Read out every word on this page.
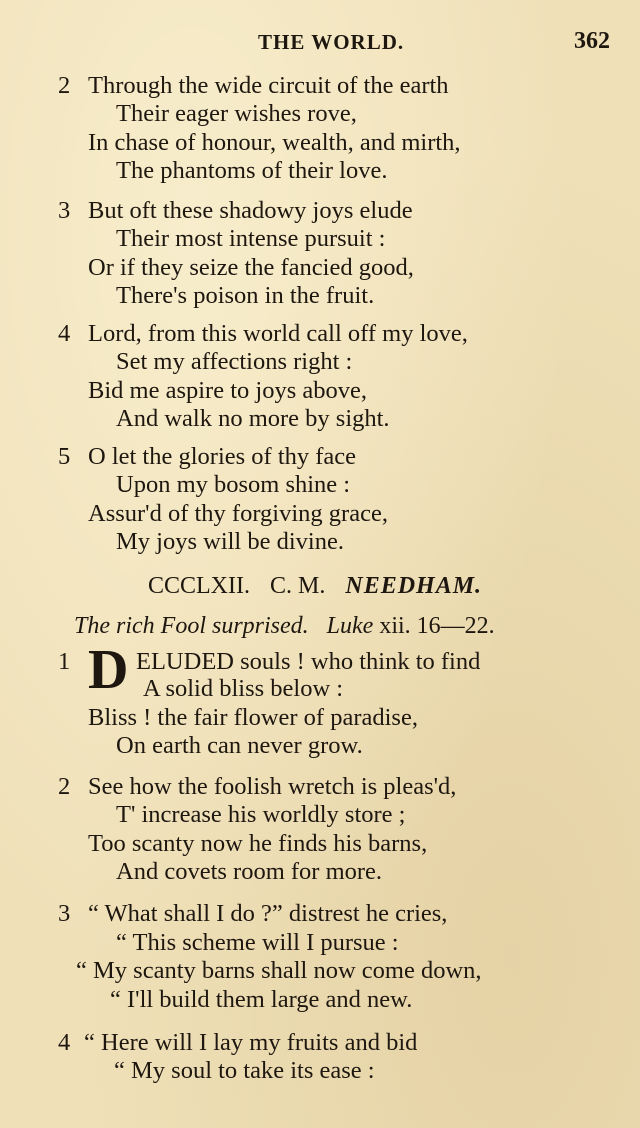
THE WORLD.	362
2 Through the wide circuit of the earth
Their eager wishes rove,
In chase of honour, wealth, and mirth,
The phantoms of their love.
3 But oft these shadowy joys elude
Their most intense pursuit :
Or if they seize the fancied good,
There's poison in the fruit.
4 Lord, from this world call off my love,
Set my affections right :
Bid me aspire to joys above,
And walk no more by sight.
5 O let the glories of thy face
Upon my bosom shine :
Assur'd of thy forgiving grace,
My joys will be divine.
CCCLXII. C. M. NEEDHAM.
The rich Fool surprised. Luke xii. 16—22.
1 D ELUDED souls ! who think to find
A solid bliss below :
Bliss ! the fair flower of paradise,
On earth can never grow.
2 See how the foolish wretch is pleas'd,
T' increase his worldly store ;
Too scanty now he finds his barns,
And covets room for more.
3 “ What shall I do ?” distrest he cries,
“ This scheme will I pursue :
“ My scanty barns shall now come down,
“ I'll build them large and new.
4 “ Here will I lay my fruits and bid
“ My soul to take its ease :
